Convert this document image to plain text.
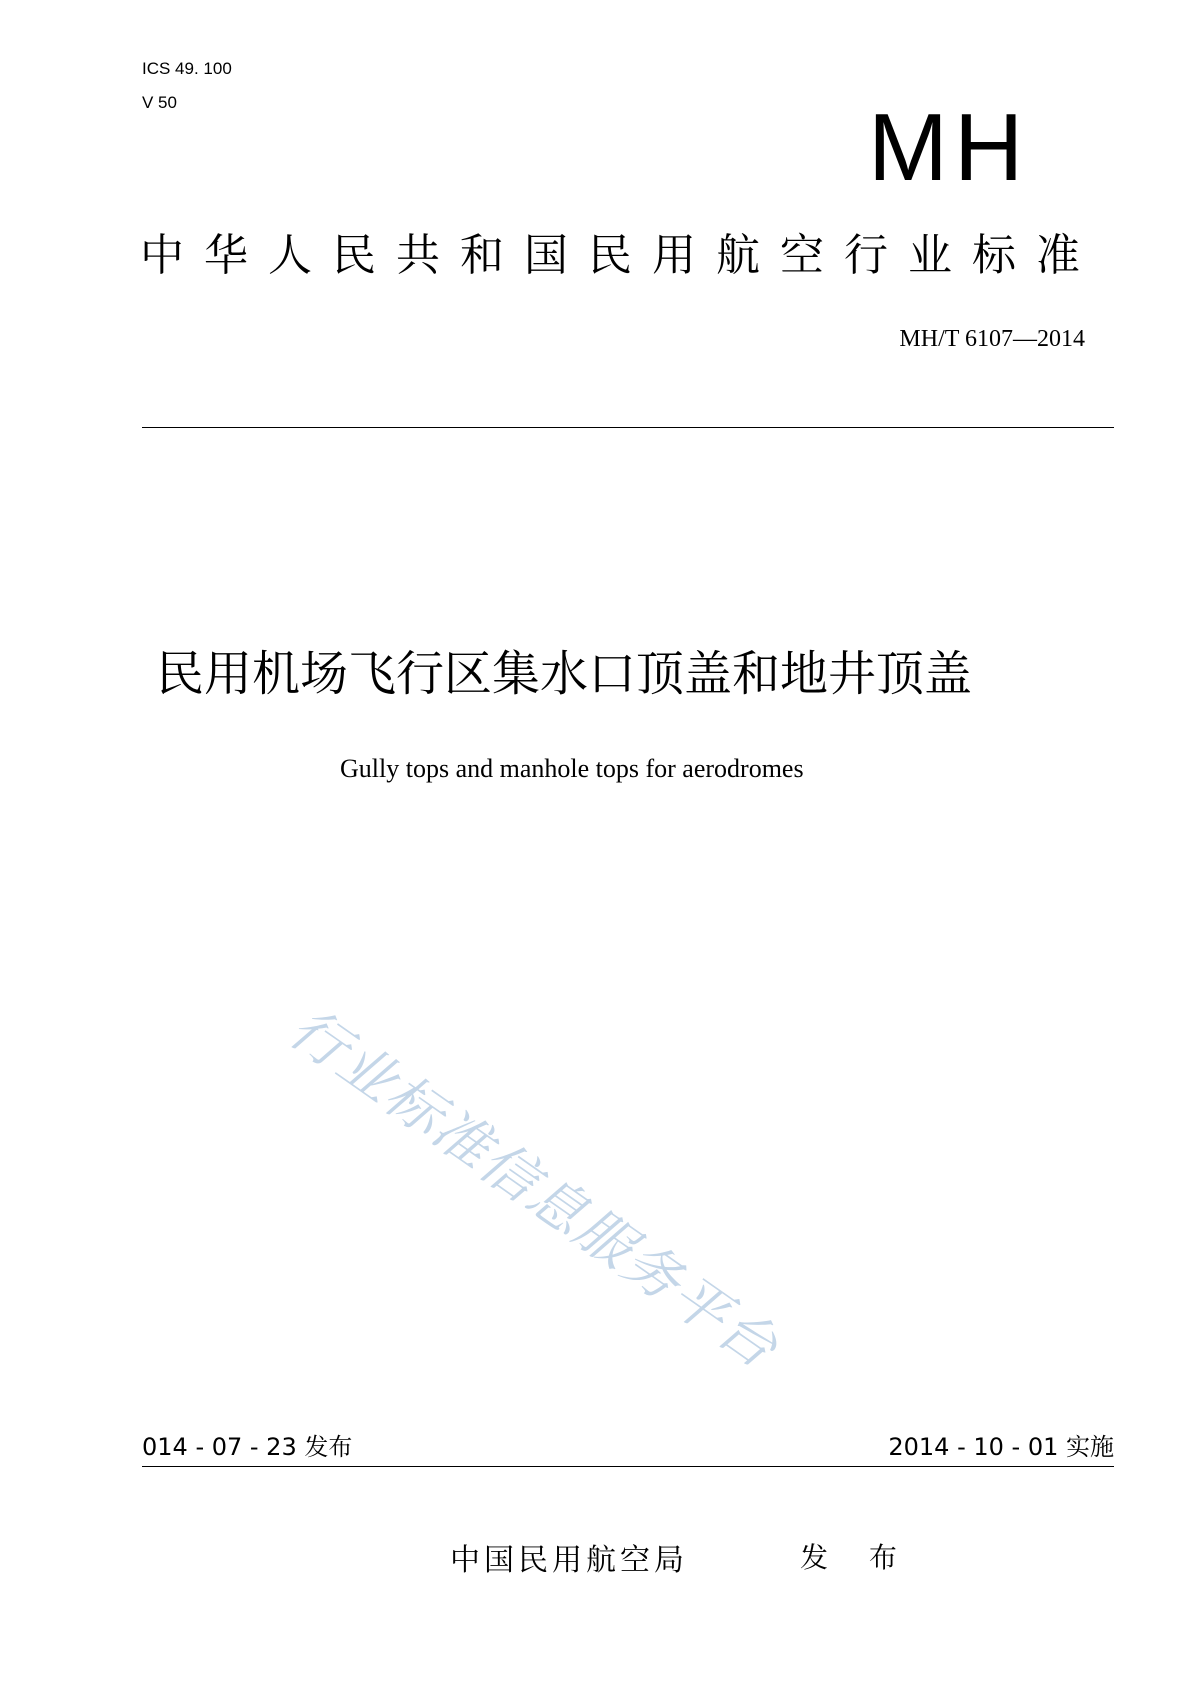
ICS 49. 100
V 50	MH
中华人民共和国民用航空行业标准
MH/T 6107—2014
民用机场飞行区集水口顶盖和地井顶盖
Gully tops and manhole tops for aerodromes
行业标准信息服务平台
014 - 07 - 23 发布	2014 - 10 - 01 实施
中国民用航空局	发 布
